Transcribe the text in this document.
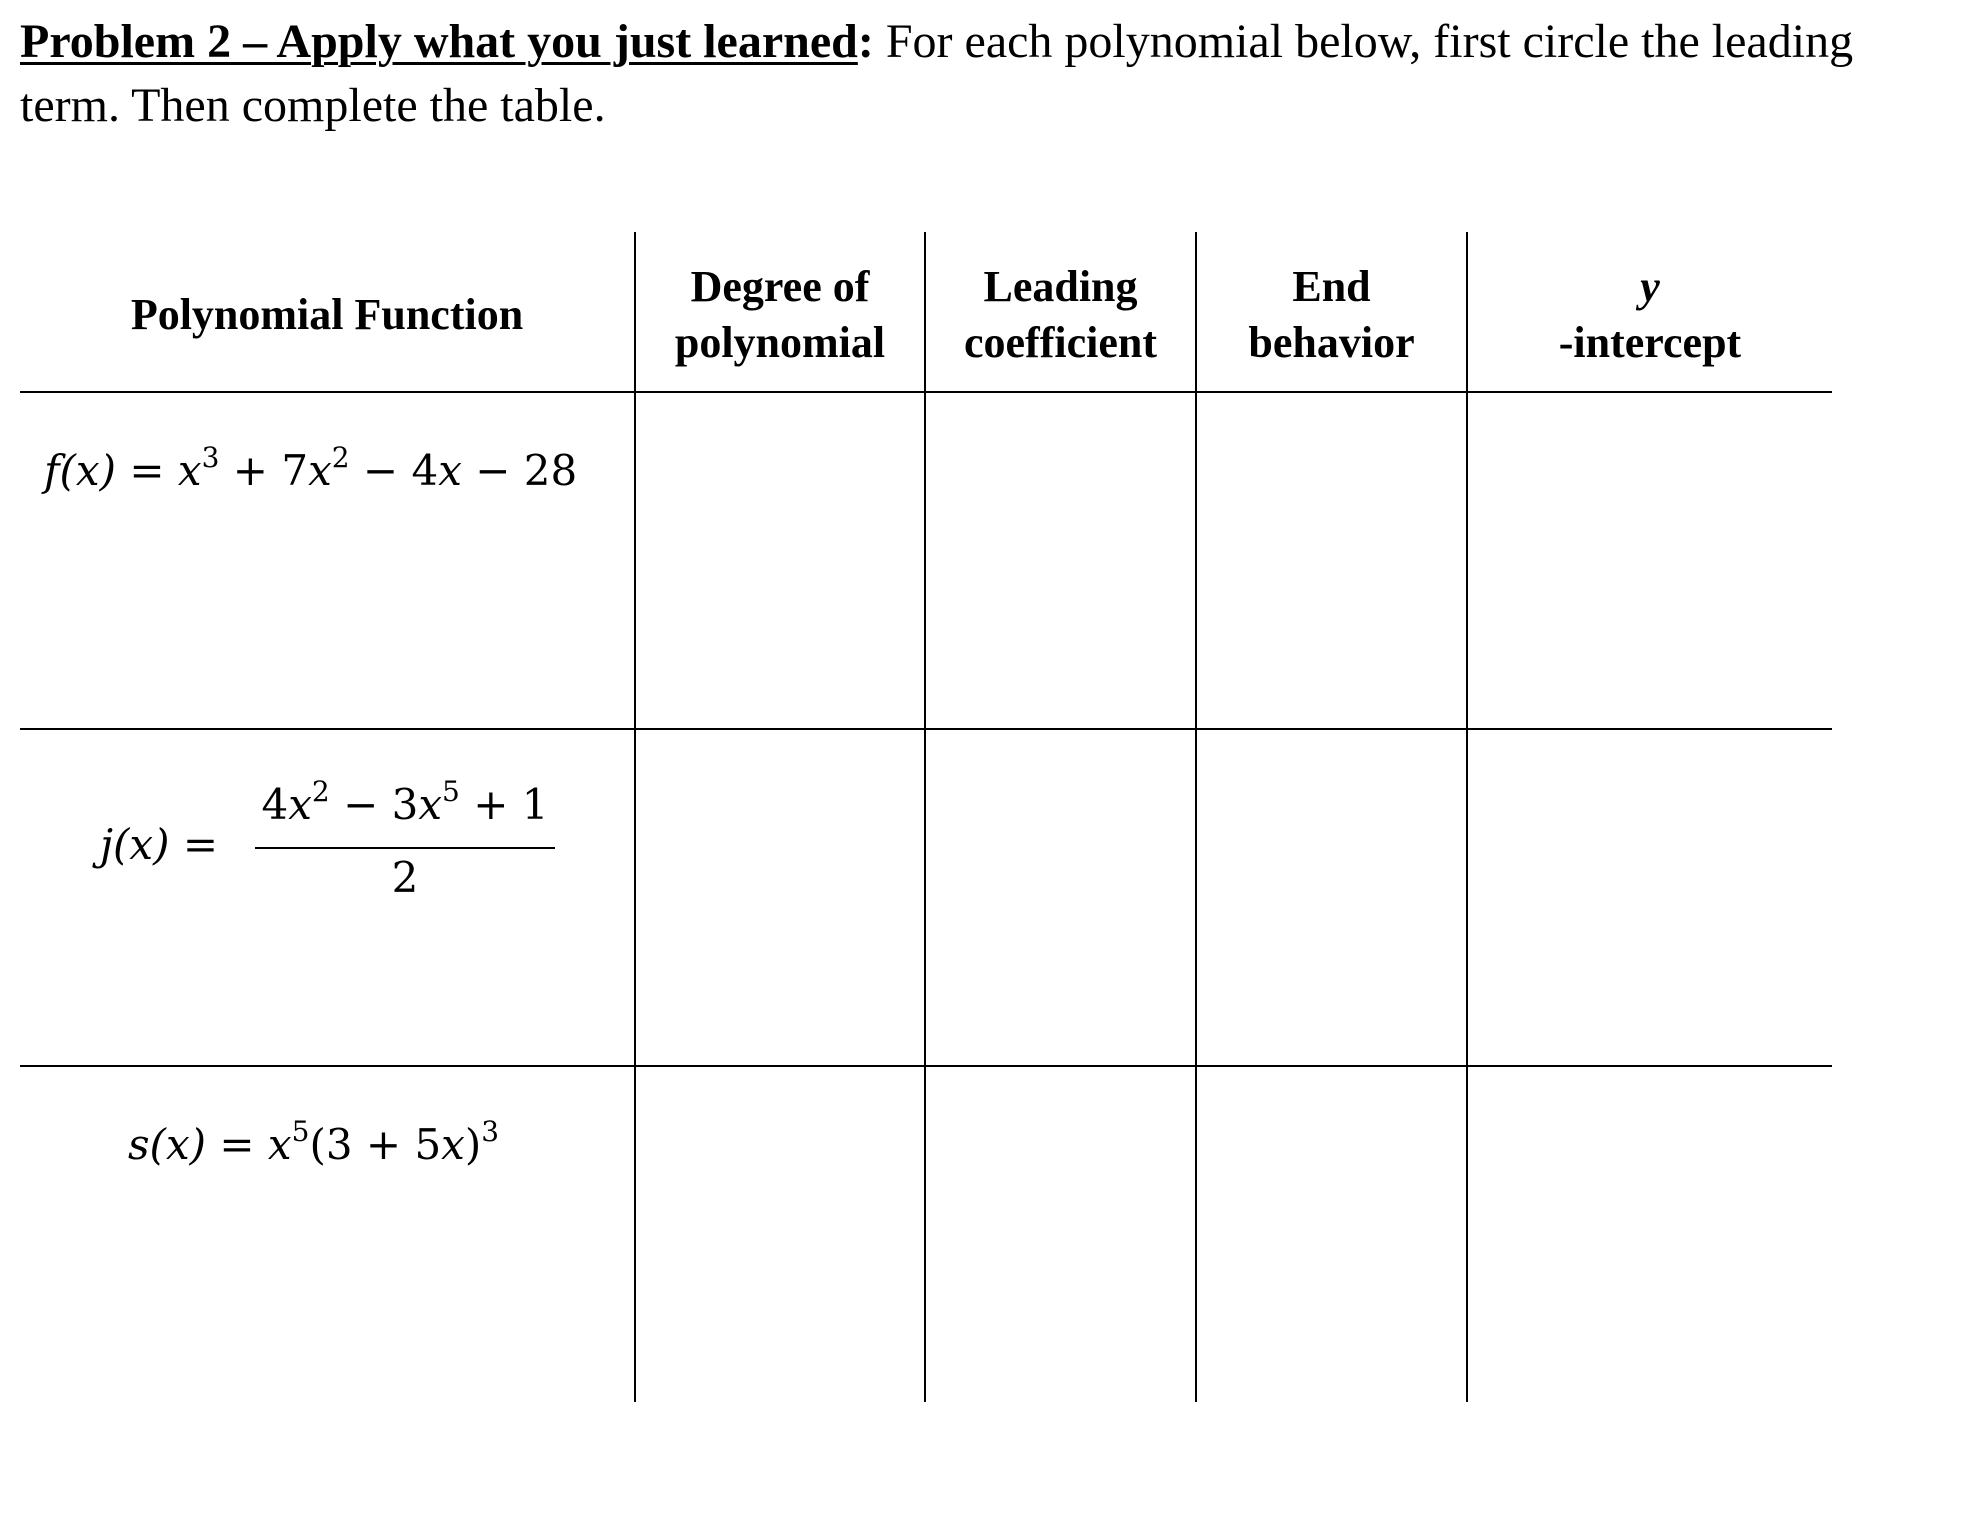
Problem 2 – Apply what you just learned: For each polynomial below, first circle the leading
term. Then complete the table.
Polynomial Function
Degree of
polynomial
Leading
coefficient
End
behavior
y
-intercept
$f(x) = x^3 + 7x^2 - 4x - 28$
j(x) =
$4x^2 - 3x^5 + 1$
2
$s(x) = x^5(3 + 5x)^3$
